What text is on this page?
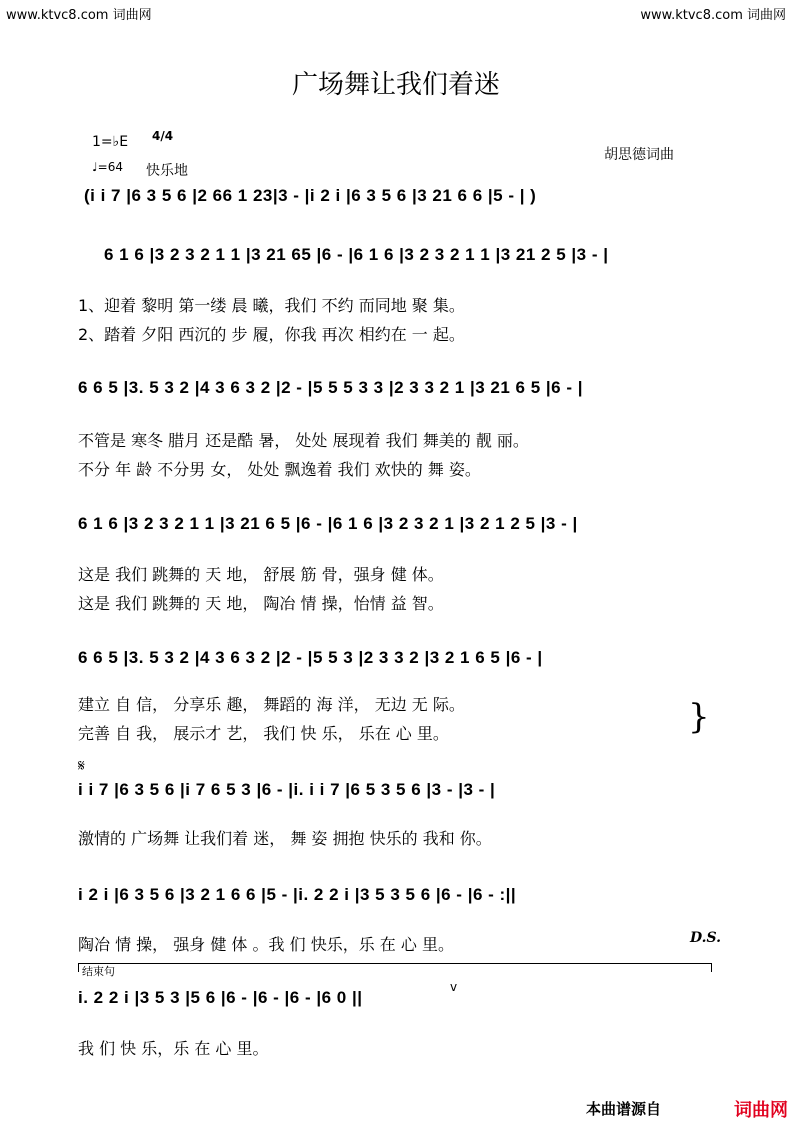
www.ktvc8.com 词曲网	www.ktvc8.com 词曲网
广场舞让我们着迷
1=♭E 4/4
♩=64 快乐地
胡思德词曲
(i i 7 |6 3 5 6 |2 66 1 23|3 - |i 2 i |6 3 5 6 |3 21 6 6 |5 - | )
6 1 6 |3 2 3 2 1 1 |3 21 65 |6 - |6 1 6 |3 2 3 2 1 1 |3 21 2 5 |3 - |
1、迎着 黎明 第一缕 晨 曦，我们 不约 而同地 聚 集。
2、踏着 夕阳 西沉的 步 履，你我 再次 相约在 一 起。
6 6 5 |3. 5 3 2 |4 3 6 3 2 |2 - |5 5 5 3 3 |2 3 3 2 1 |3 21 6 5 |6 - |
不管是 寒冬 腊月 还是酷 暑， 处处 展现着 我们 舞美的 靓 丽。
不分 年 龄 不分男 女， 处处 飘逸着 我们 欢快的 舞 姿。
6 1 6 |3 2 3 2 1 1 |3 21 6 5 |6 - |6 1 6 |3 2 3 2 1 |3 2 1 2 5 |3 - |
这是 我们 跳舞的 天 地， 舒展 筋 骨，强身 健 体。
这是 我们 跳舞的 天 地， 陶冶 情 操，怡情 益 智。
6 6 5 |3. 5 3 2 |4 3 6 3 2 |2 - |5 5 3 |2 3 3 2 |3 2 1 6 5 |6 - |
建立 自 信， 分享乐 趣， 舞蹈的 海 洋， 无边 无 际。
完善 自 我， 展示才 艺， 我们 快 乐， 乐在 心 里。	}
𝄋
i i 7 |6 3 5 6 |i 7 6 5 3 |6 - |i. i i 7 |6 5 3 5 6 |3 - |3 - |
激情的 广场舞 让我们着 迷， 舞 姿 拥抱 快乐的 我和 你。
i 2 i |6 3 5 6 |3 2 1 6 6 |5 - |i. 2 2 i |3 5 3 5 6 |6 - |6 - :||
陶冶 情 操， 强身 健 体 。我 们 快乐，乐 在 心 里。	D.S.
结束句
v
i. 2 2 i |3 5 3 |5 6 |6 - |6 - |6 - |6 0 ||
我 们 快 乐，乐 在 心 里。
本曲谱源自	词曲网
